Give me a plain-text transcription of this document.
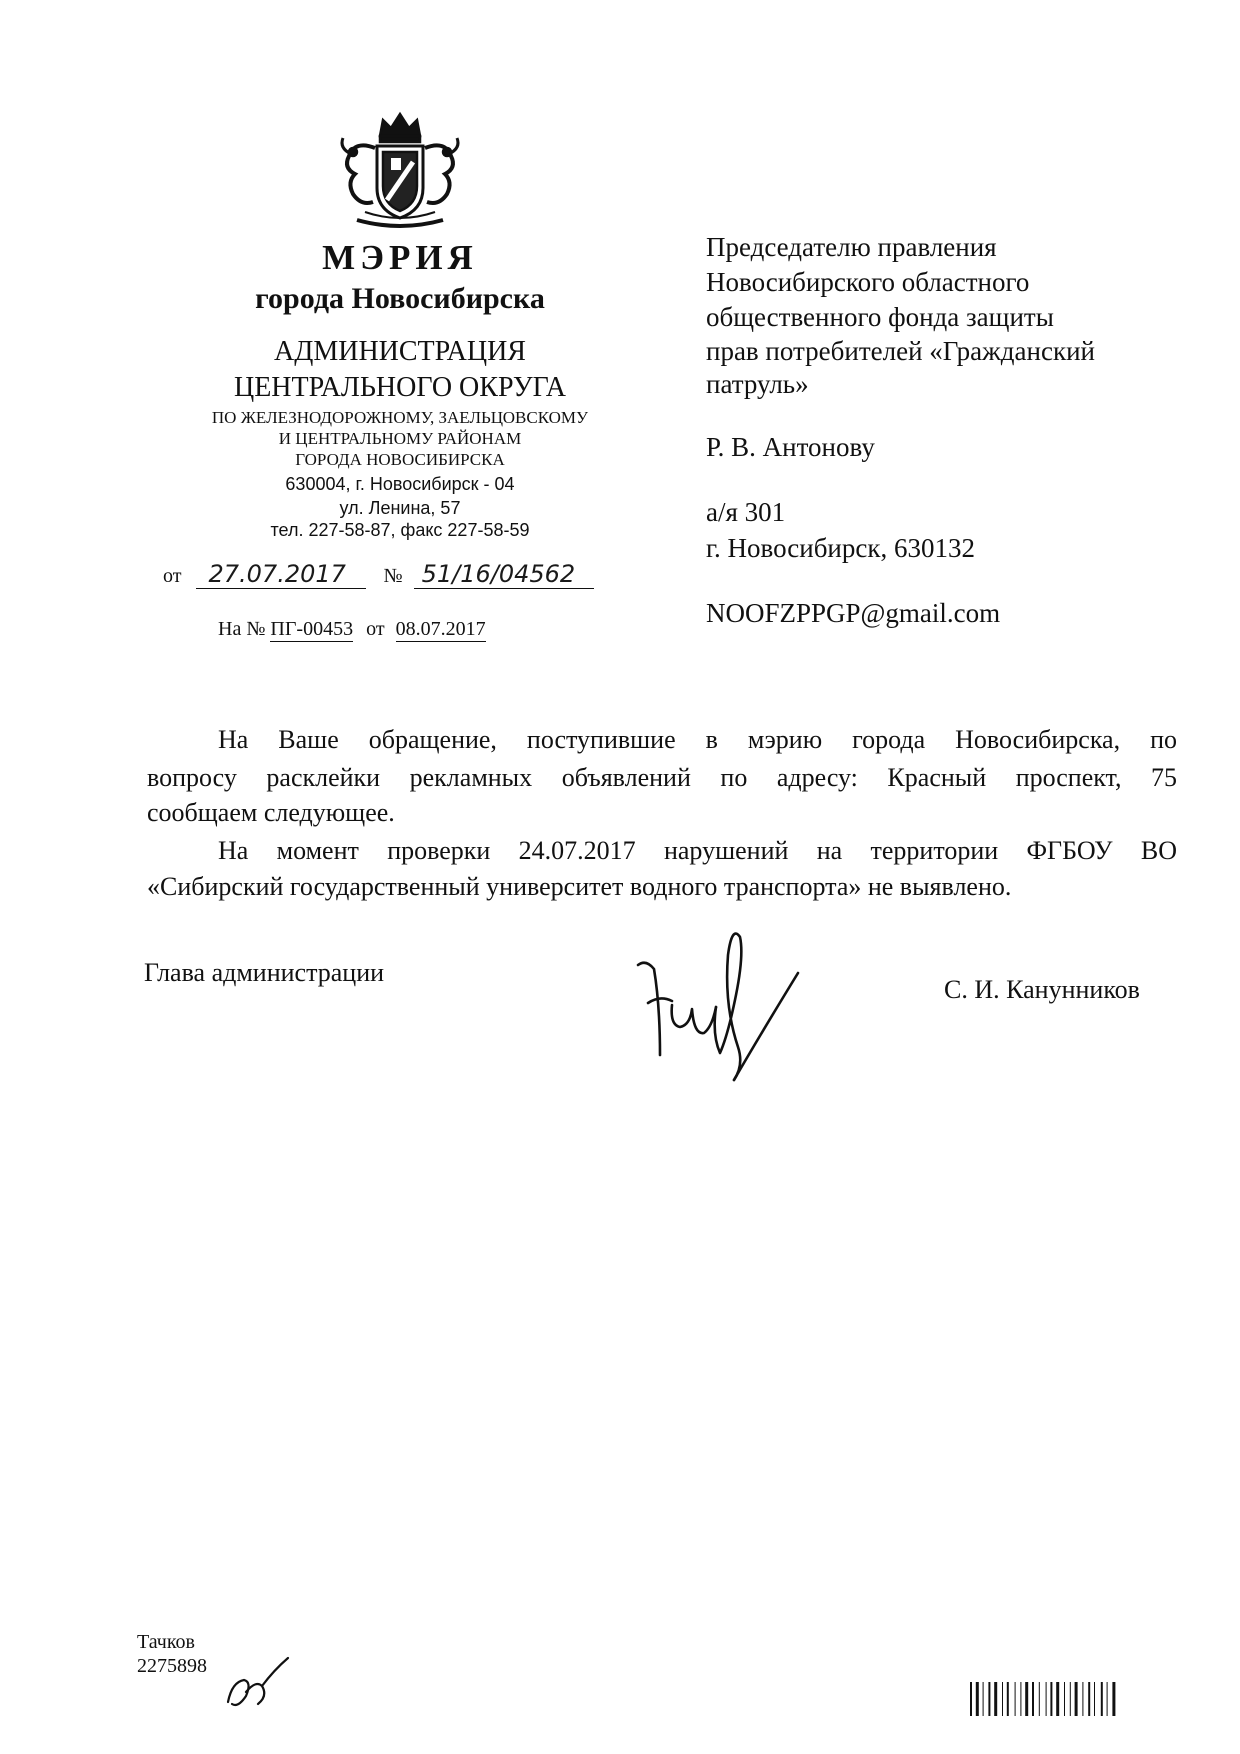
МЭРИЯ
города Новосибирска
АДМИНИСТРАЦИЯ
ЦЕНТРАЛЬНОГО ОКРУГА
ПО ЖЕЛЕЗНОДОРОЖНОМУ, ЗАЕЛЬЦОВСКОМУ
И ЦЕНТРАЛЬНОМУ РАЙОНАМ
ГОРОДА НОВОСИБИРСКА
630004, г. Новосибирск - 04
ул. Ленина, 57
тел. 227-58-87, факс 227-58-59
от 27.07.2017 № 51/16/04562
На № ПГ-00453 от 08.07.2017
Председателю правления
Новосибирского областного
общественного фонда защиты
прав потребителей «Гражданский
патруль»
Р. В. Антонову
а/я 301
г. Новосибирск, 630132
NOOFZPPGP@gmail.com
На Ваше обращение, поступившие в мэрию города Новосибирска, по
вопросу расклейки рекламных объявлений по адресу: Красный проспект, 75
сообщаем следующее.
На момент проверки 24.07.2017 нарушений на территории ФГБОУ ВО
«Сибирский государственный университет водного транспорта» не выявлено.
Глава администрации
С. И. Канунников
Тачков
2275898
